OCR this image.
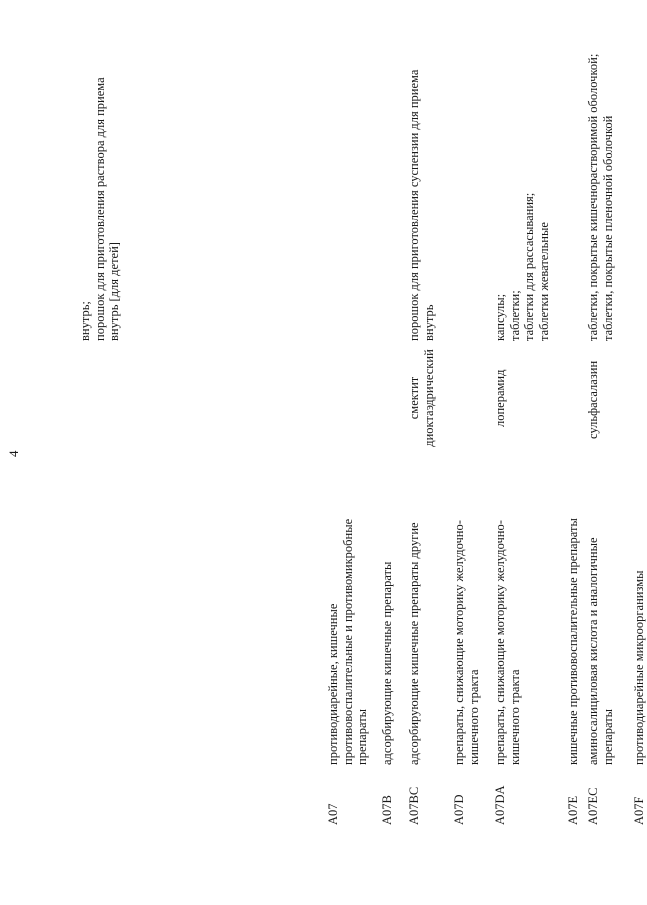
4
внутрь; порошок для приготовления раствора для приема внутрь [для детей]
A07
противодиарейные, кишечные противовоспалительные и противомикробные препараты
A07B
адсорбирующие кишечные препараты
A07BC
адсорбирующие кишечные препараты другие
смектит диоктаэдрический
порошок для приготовления суспензии для приема внутрь
A07D
препараты, снижающие моторику желудочно- кишечного тракта
A07DA
препараты, снижающие моторику желудочно- кишечного тракта
лоперамид
капсулы; таблетки; таблетки для рассасывания; таблетки жевательные
A07E
кишечные противовоспалительные препараты
A07EC
аминосалициловая кислота и аналогичные препараты
сульфасалазин
таблетки, покрытые кишечнорастворимой оболочкой; таблетки, покрытые пленочной оболочкой
A07F
противодиарейные микроорганизмы
